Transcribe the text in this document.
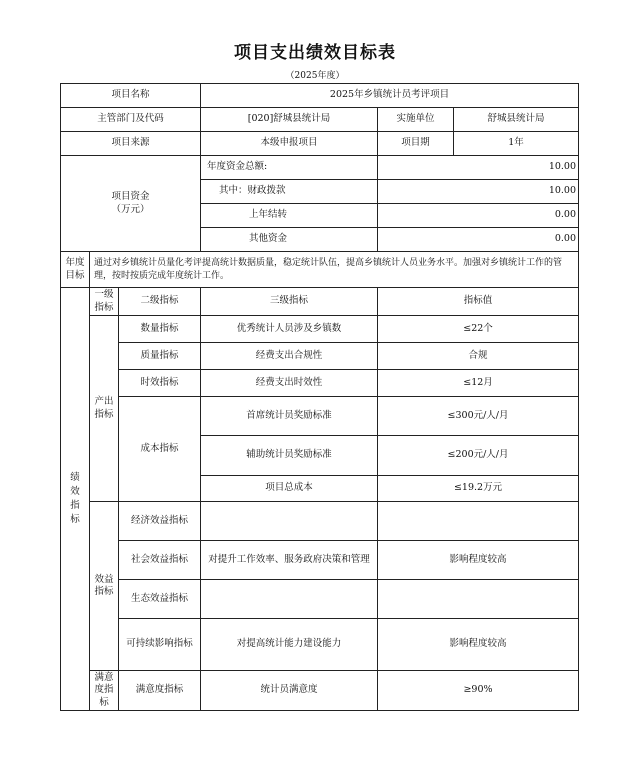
项目支出绩效目标表
（2025年度）
项目名称			2025年乡镇统计员考评项目		
主管部门及代码			[020]舒城县统计局	实施单位	舒城县统计局
项目来源			本级申报项目	项目期	1年

项目资金
（万元）			年度资金总额:	10.00	
			其中：财政拨款	10.00	
			上年结转	0.00	
			其他资金	0.00	
年度目标	通过对乡镇统计员量化考评提高统计数据质量，稳定统计队伍，提高乡镇统计人员业务水平。加强对乡镇统计工作的管理，按时按质完成年度统计工作。				

绩效指标	一级指标	二级指标	三级指标	指标值	
	产出指标	数量指标	优秀统计人员涉及乡镇数	≤22个	
		质量指标	经费支出合规性	合规	
		时效指标	经费支出时效性	≤12月	
		成本指标	首席统计员奖励标准	≤300元/人/月	
			辅助统计员奖励标准	≤200元/人/月	
			项目总成本	≤19.2万元	
	效益指标	经济效益指标			
		社会效益指标	对提升工作效率、服务政府决策和管理	影响程度较高	
		生态效益指标			
		可持续影响指标	对提高统计能力建设能力	影响程度较高	
	满意度指标	满意度指标	统计员满意度	≥90%	
